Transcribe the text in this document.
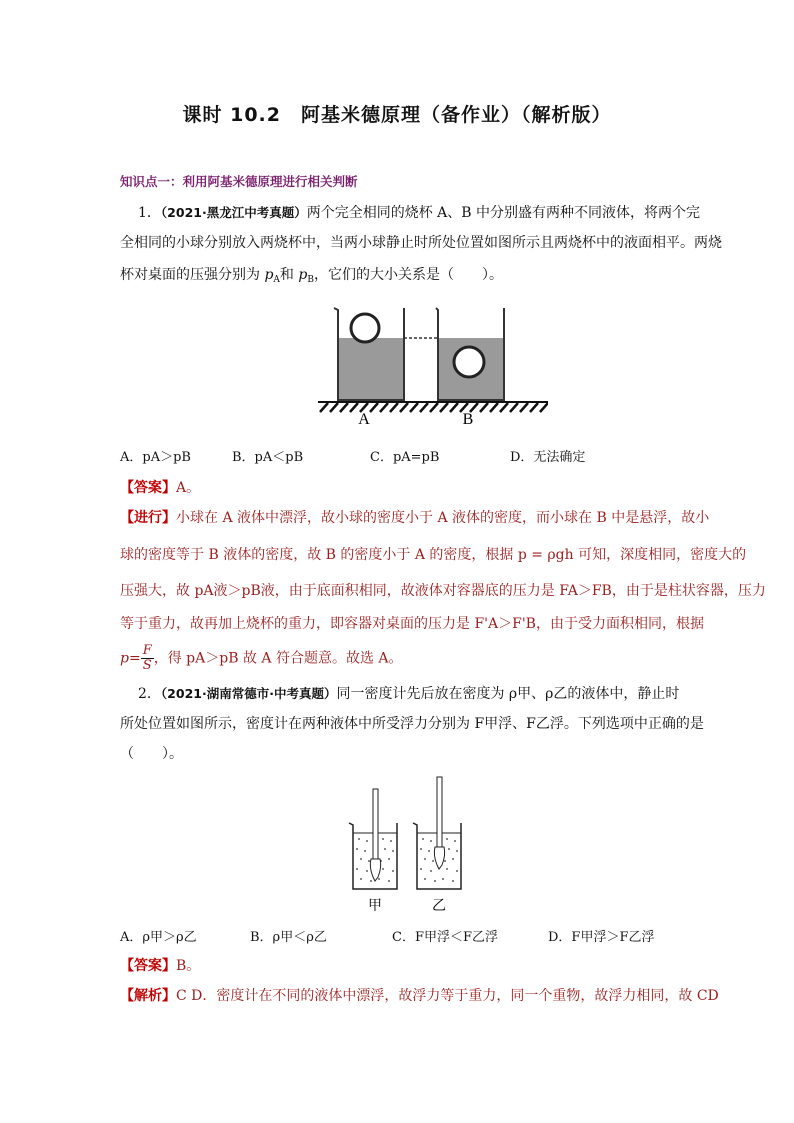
课时 10.2　阿基米德原理（备作业）（解析版）
知识点一：利用阿基米德原理进行相关判断
1．（2021·黑龙江中考真题）两个完全相同的烧杯 A、B 中分别盛有两种不同液体，将两个完
全相同的小球分别放入两烧杯中，当两小球静止时所处位置如图所示且两烧杯中的液面相平。两烧
杯对桌面的压强分别为 $p_A$和 $p_B$，它们的大小关系是（　　）。
A	B
A．pA＞pB	B．pA＜pB	C．pA=pB	D．无法确定
【答案】A。
【进行】小球在 A 液体中漂浮，故小球的密度小于 A 液体的密度，而小球在 B 中是悬浮，故小
球的密度等于 B 液体的密度，故 B 的密度小于 A 的密度，根据 p = ρgh 可知，深度相同，密度大的
压强大，故 pA液＞pB液，由于底面积相同，故液体对容器底的压力是 FA＞FB，由于是柱状容器，压力
等于重力，故再加上烧杯的重力，即容器对桌面的压力是 F'A＞F'B，由于受力面积相同，根据
$p= \frac{F}{S}$ ，得 pA＞pB 故 A 符合题意。故选 A。
2．（2021·湖南常德市·中考真题）同一密度计先后放在密度为 ρ甲、ρ乙的液体中，静止时
所处位置如图所示，密度计在两种液体中所受浮力分别为 F甲浮、F乙浮。下列选项中正确的是
（　　）。
甲	乙
A．ρ甲＞ρ乙	B．ρ甲＜ρ乙	C．F甲浮＜F乙浮	D．F甲浮＞F乙浮
【答案】B。
【解析】C D．密度计在不同的液体中漂浮，故浮力等于重力，同一个重物，故浮力相同，故 CD
